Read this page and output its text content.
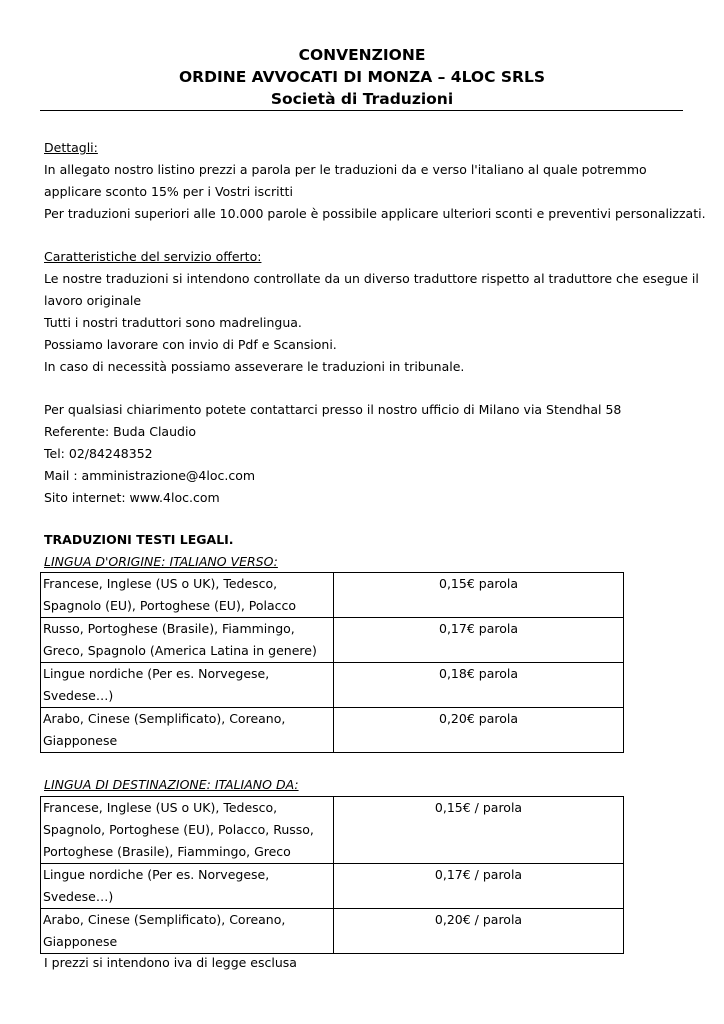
CONVENZIONE
ORDINE AVVOCATI DI MONZA – 4LOC SRLS
Società di Traduzioni
Dettagli:
In allegato nostro listino prezzi a parola per le traduzioni da e verso l'italiano al quale potremmo
applicare sconto 15% per i Vostri iscritti
Per traduzioni superiori alle 10.000 parole è possibile applicare ulteriori sconti e preventivi personalizzati.
Caratteristiche del servizio offerto:
Le nostre traduzioni si intendono controllate da un diverso traduttore rispetto al traduttore che esegue il
lavoro originale
Tutti i nostri traduttori sono madrelingua.
Possiamo lavorare con invio di Pdf e Scansioni.
In caso di necessità possiamo asseverare le traduzioni in tribunale.
Per qualsiasi chiarimento potete contattarci presso il nostro ufficio di Milano via Stendhal 58
Referente: Buda Claudio
Tel: 02/84248352
Mail : amministrazione@4loc.com
Sito internet: www.4loc.com
TRADUZIONI TESTI LEGALI.
LINGUA D'ORIGINE: ITALIANO VERSO:
Francese, Inglese (US o UK), Tedesco,
Spagnolo (EU), Portoghese (EU), Polacco	0,15€ parola

Russo, Portoghese (Brasile), Fiammingo,
Greco, Spagnolo (America Latina in genere)	0,17€ parola

Lingue nordiche (Per es. Norvegese,
Svedese…)	0,18€ parola

Arabo, Cinese (Semplificato), Coreano,
Giapponese	0,20€ parola
LINGUA DI DESTINAZIONE: ITALIANO DA:
Francese, Inglese (US o UK), Tedesco,
Spagnolo, Portoghese (EU), Polacco, Russo,
Portoghese (Brasile), Fiammingo, Greco	0,15€ / parola

Lingue nordiche (Per es. Norvegese,
Svedese…)	0,17€ / parola

Arabo, Cinese (Semplificato), Coreano,
Giapponese	0,20€ / parola
I prezzi si intendono iva di legge esclusa
